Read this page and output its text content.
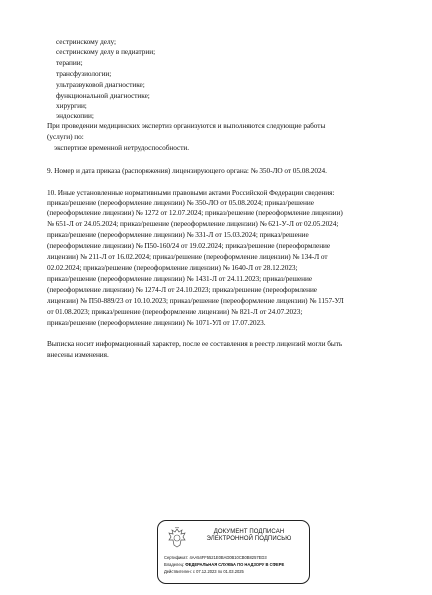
сестринскому делу;
сестринскому делу в педиатрии;
терапии;
трансфузиологии;
ультразвуковой диагностике;
функциональной диагностике;
хирургии;
эндоскопии;
При проведении медицинских экспертиз организуются и выполняются следующие работы
(услуги) по:
экспертизе временной нетрудоспособности.
9. Номер и дата приказа (распоряжения) лицензирующего органа: № 350-ЛО от 05.08.2024.
10. Иные установленные нормативными правовыми актами Российской Федерации сведения:
приказ/решение (переоформление лицензии) № 350-ЛО от 05.08.2024; приказ/решение
(переоформление лицензии) № 1272 от 12.07.2024; приказ/решение (переоформление лицензии)
№ 651-Л от 24.05.2024; приказ/решение (переоформление лицензии) № 621-У-Л от 02.05.2024;
приказ/решение (переоформление лицензии) № 331-Л от 15.03.2024; приказ/решение
(переоформление лицензии) № П50-160/24 от 19.02.2024; приказ/решение (переоформление
лицензии) № 211-Л от 16.02.2024; приказ/решение (переоформление лицензии) № 134-Л от
02.02.2024; приказ/решение (переоформление лицензии) № 1640-Л от 28.12.2023;
приказ/решение (переоформление лицензии) № 1431-Л от 24.11.2023; приказ/решение
(переоформление лицензии) № 1274-Л от 24.10.2023; приказ/решение (переоформление
лицензии) № П50-889/23 от 10.10.2023; приказ/решение (переоформление лицензии) № 1157-УЛ
от 01.08.2023; приказ/решение (переоформление лицензии) № 821-Л от 24.07.2023;
приказ/решение (переоформление лицензии) № 1071-УЛ от 17.07.2023.
Выписка носит информационный характер, после ее составления в реестр лицензий могли быть
внесены изменения.
ДОКУМЕНТ ПОДПИСАН
ЭЛЕКТРОННОЙ ПОДПИСЬЮ
Сертификат: 4AA54FF5521E0BAD0B10CB0B8257ED3
Владелец: ФЕДЕРАЛЬНАЯ СЛУЖБА ПО НАДЗОРУ В СФЕРЕ
Действителен: с 07.12.2023 по 01.03.2025
